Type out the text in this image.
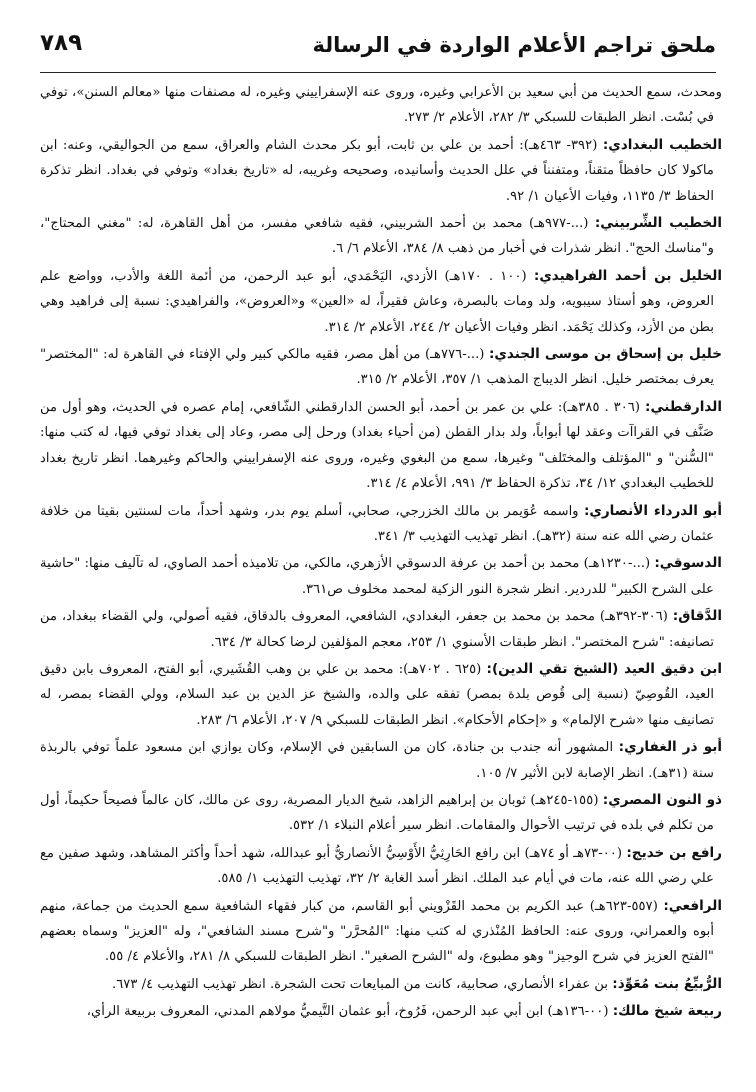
٧٨٩	ملحق تراجم الأعلام الواردة في الرسالة

ومحدث، سمع الحديث من أبي سعيد بن الأعرابي وغيره، وروى عنه الإسفراييني وغيره، له مصنفات منها «معالم السنن»، توفي في بُسْت. انظر الطبقات للسبكي ٣/ ٢٨٢، الأعلام ٢/ ٢٧٣.

الخطيب البغدادي: (٣٩٢- ٤٦٣هـ): أحمد بن علي بن ثابت، أبو بكر محدث الشام والعراق، سمع من الجواليقي، وعنه: ابن ماكولا كان حافظاً متقناً، ومتفنناً في علل الحديث وأسانيده، وصحيحه وغريبه، له «تاريخ بغداد» وتوفي في بغداد. انظر تذكرة الحفاظ ٣/ ١١٣٥، وفيات الأعيان ١/ ٩٢.

الخطيب الشِّربيني: (...-٩٧٧هـ) محمد بن أحمد الشربيني، فقيه شافعي مفسر، من أهل القاهرة، له: "مغني المحتاج"، و"مناسك الحج". انظر شذرات في أخبار من ذهب ٨/ ٣٨٤، الأعلام ٦/ ٦.

الخليل بن أحمد الفراهيدي: (١٠٠ . ١٧٠هـ) الأزدي، اليَحْمَدي، أبو عبد الرحمن، من أئمة اللغة والأدب، وواضع علم العروض، وهو أستاذ سيبويه، ولد ومات بالبصرة، وعاش فقيراً، له «العين» و«العروض»، والفراهيدي: نسبة إلى فراهيد وهي بطن من الأزد، وكذلك يَحْمَد. انظر وفيات الأعيان ٢/ ٢٤٤، الأعلام ٢/ ٣١٤.

خليل بن إسحاق بن موسى الجندي: (...-٧٧٦هـ) من أهل مصر، فقيه مالكي كبير ولي الإفتاء في القاهرة له: "المختصر" يعرف بمختصر خليل. انظر الديباج المذهب ١/ ٣٥٧، الأعلام ٢/ ٣١٥.

الدارقطني: (٣٠٦ . ٣٨٥هـ): علي بن عمر بن أحمد، أبو الحسن الدارقطني الشّافعي، إمام عصره في الحديث، وهو أول من صَنَّف في القراآت وعقد لها أبواباً، ولد بدار القطن (من أحياء بغداد) ورحل إلى مصر، وعاد إلى بغداد توفي فيها، له كتب منها: "السُّنن" و "المؤتلف والمختَلف" وغيرها، سمع من البغوي وغيره، وروى عنه الإسفراييني والحاكم وغيرهما. انظر تاريخ بغداد للخطيب البغدادي ١٢/ ٣٤، تذكرة الحفاظ ٣/ ٩٩١، الأعلام ٤/ ٣١٤.

أبو الدرداء الأنصاري: واسمه عُوَيمر بن مالك الخزرجي، صحابي، أسلم يوم بدر، وشهد أحداً، مات لسنتين بقيتا من خلافة عثمان رضي الله عنه سنة (٣٢هـ). انظر تهذيب التهذيب ٣/ ٣٤١.

الدسوقي: (...-١٢٣٠هـ) محمد بن أحمد بن عرفة الدسوقي الأزهري، مالكي، من تلاميذه أحمد الصاوي، له تآليف منها: "حاشية على الشرح الكبير" للدردير. انظر شجرة النور الزكية لمحمد مخلوف ص٣٦١.

الدَّقاق: (٣٠٦-٣٩٢هـ) محمد بن محمد بن جعفر، البغدادي، الشافعي، المعروف بالدقاق، فقيه أصولي، ولي القضاء ببغداد، من تصانيفه: "شرح المختصر". انظر طبقات الأسنوي ١/ ٢٥٣، معجم المؤلفين لرضا كحالة ٣/ ٦٣٤.

ابن دقيق العيد (الشيخ تقي الدين): (٦٢٥ . ٧٠٢هـ): محمد بن علي بن وهب القُشَيري، أبو الفتح، المعروف بابن دقيق العيد، القُوصِيّ (نسبة إلى قُوص بلدة بمصر) تفقه على والده، والشيخ عز الدين بن عبد السلام، وولي القضاء بمصر، له تصانيف منها «شرح الإلمام» و «إحكام الأحكام». انظر الطبقات للسبكي ٩/ ٢٠٧، الأعلام ٦/ ٢٨٣.

أبو ذر الغفاري: المشهور أنه جندب بن جنادة، كان من السابقين في الإسلام، وكان يوازي ابن مسعود علماً توفي بالربذة سنة (٣١هـ). انظر الإصابة لابن الأثير ٧/ ١٠٥.

ذو النون المصري: (١٥٥-٢٤٥هـ) ثوبان بن إبراهيم الزاهد، شيخ الديار المصرية، روى عن مالك، كان عالماً فصيحاً حكيماً، أول من تكلم في بلده في ترتيب الأحوال والمقامات. انظر سير أعلام النبلاء ١/ ٥٣٢.

رافع بن خديج: (٠٠-٧٣هـ أو ٧٤هـ) ابن رافع الحَارِثِيُّ الأَوْسِيُّ الأنصاريُّ أبو عبدالله، شهد أحداً وأكثر المشاهد، وشهد صفين مع علي رضي الله عنه، مات في أيام عبد الملك. انظر أسد الغابة ٢/ ٣٢، تهذيب التهذيب ١/ ٥٨٥.

الرافعي: (٥٥٧-٦٢٣هـ) عبد الكريم بن محمد القَزْويني أبو القاسم، من كبار فقهاء الشافعية سمع الحديث من جماعة، منهم أبوه والعمراني، وروى عنه: الحافظ المُنْذري له كتب منها: "المُحرَّر" و"شرح مسند الشافعي"، وله "العزيز" وسماه بعضهم "الفتح العزيز في شرح الوجيز" وهو مطبوع، وله "الشرح الصغير". انظر الطبقات للسبكي ٨/ ٢٨١، والأعلام ٤/ ٥٥.

الرُّبيِّعُ بنت مُعَوِّذ: بن عفراء الأنصاري، صحابية، كانت من المبايعات تحت الشجرة. انظر تهذيب التهذيب ٤/ ٦٧٣.

ربيعة شيخ مالك: (٠٠-١٣٦هـ) ابن أبي عبد الرحمن، فَرُوخ، أبو عثمان التَّيميُّ مولاهم المدني، المعروف بربيعة الرأي،
